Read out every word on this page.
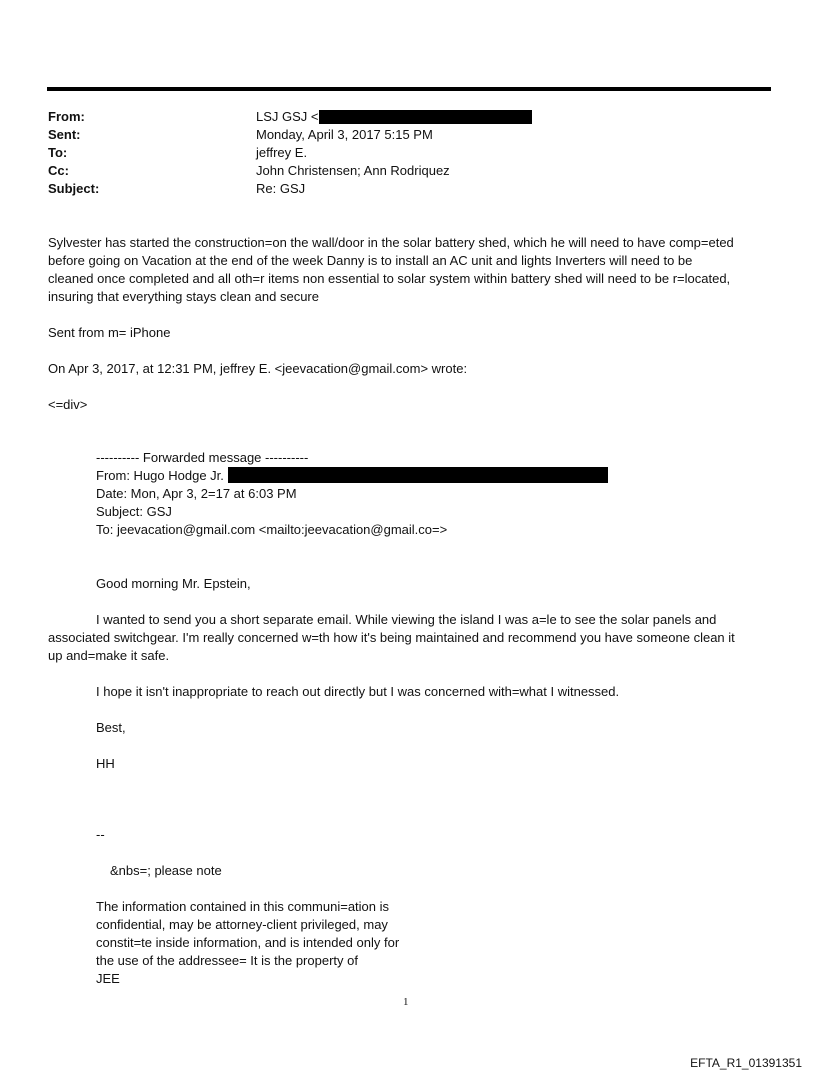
From:	LSJ GSJ <
Sent:	Monday, April 3, 2017 5:15 PM
To:	jeffrey E.
Cc:	John Christensen; Ann Rodriquez
Subject:	Re: GSJ
Sylvester has started the construction=on the wall/door in the solar battery shed, which he will need to have comp=eted
before going on Vacation at the end of the week Danny is to install an AC unit and lights Inverters will need to be
cleaned once completed and all oth=r items non essential to solar system within battery shed will need to be r=located,
insuring that everything stays clean and secure
Sent from m= iPhone
On Apr 3, 2017, at 12:31 PM, jeffrey E. <jeevacation@gmail.com> wrote:
<=div>
---------- Forwarded message ----------
From: Hugo Hodge Jr.
Date: Mon, Apr 3, 2=17 at 6:03 PM
Subject: GSJ
To: jeevacation@gmail.com <mailto:jeevacation@gmail.co=>
Good morning Mr. Epstein,
I wanted to send you a short separate email. While viewing the island I was a=le to see the solar panels and
associated switchgear. I'm really concerned w=th how it's being maintained and recommend you have someone clean it
up and=make it safe.
I hope it isn't inappropriate to reach out directly but I was concerned with=what I witnessed.
Best,
HH
--
&nbs=; please note
The information contained in this communi=ation is
confidential, may be attorney-client privileged, may
constit=te inside information, and is intended only for
the use of the addressee= It is the property of
JEE
1
EFTA_R1_01391351
